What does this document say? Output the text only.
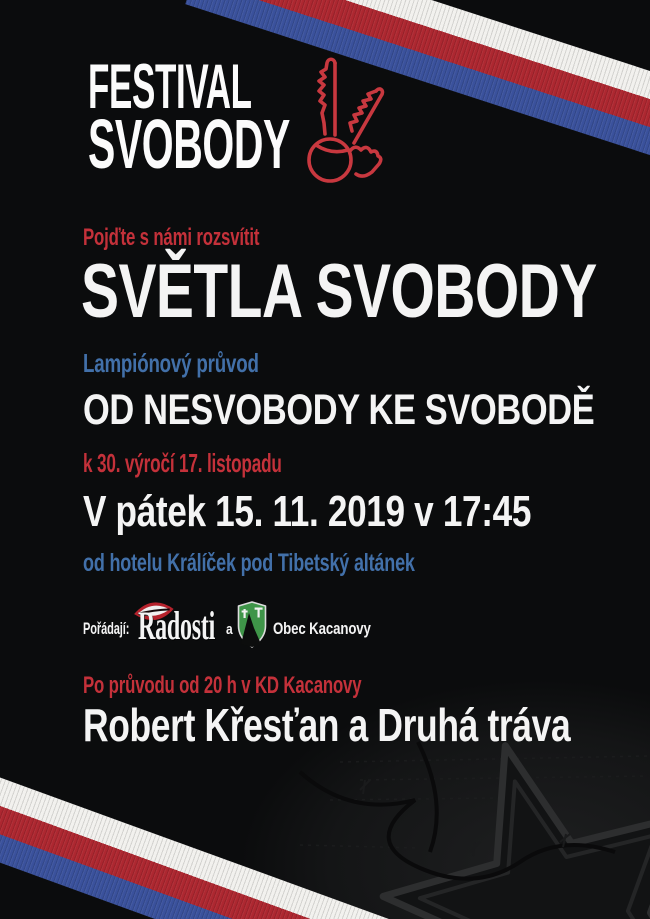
FESTIVAL
SVOBODY
Pojďte s námi rozsvítit
SVĚTLA SVOBODY
Lampiónový průvod
OD NESVOBODY KE SVOBODĚ
k 30. výročí 17. listopadu
V pátek 15. 11. 2019 v 17:45
od hotelu Králíček pod Tibetský altánek
Pořádají: Radosti a Obec Kacanovy
Po průvodu od 20 h v KD Kacanovy
Robert Křesťan a Druhá tráva
